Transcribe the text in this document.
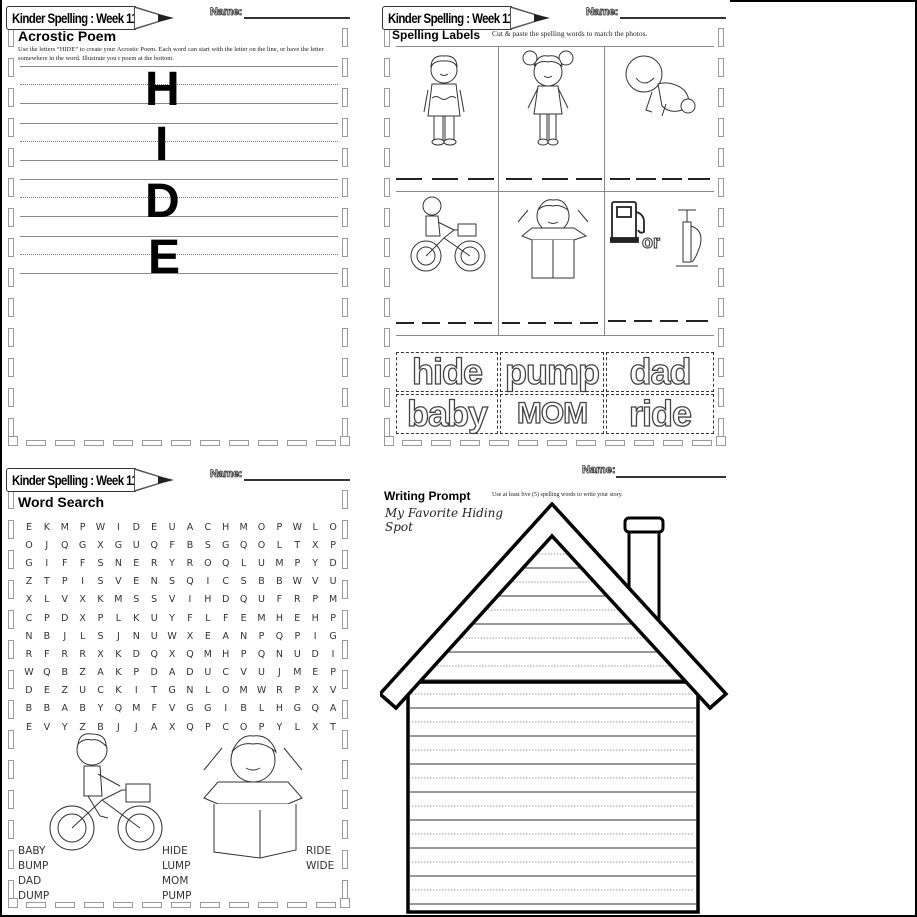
Kinder Spelling : Week 11	Name:
Acrostic Poem
Use the letters “HIDE” to create your Acrostic Poem. Each word can start with the letter on the line, or have the letter somewhere in the word. Illustrate you r poem at the bottom.
H
I
D
E
Kinder Spelling : Week 11	Name:
Spelling Labels Cut & paste the spelling words to match the photos.
or
hide pump dad
baby MOM ride
Kinder Spelling : Week 11	Name:
Word Search
E	K	M	P	W	I	D	E	U	A	C	H	M	O	P	W	L	O
O	J	Q	G	X	G	U	Q	F	B	S	G	Q	O	L	T	X	P
G	I	F	F	S	N	E	R	Y	R	O	Q	L	U	M	P	Y	D
Z	T	P	I	S	V	E	N	S	Q	I	C	S	B	B	W	V	U
X	L	V	X	K	M	S	S	V	I	H	D	Q	U	F	R	P	M
C	P	D	X	P	L	K	U	Y	F	L	F	E	M	H	E	H	P
N	B	J	L	S	J	N	U	W	X	E	A	N	P	Q	P	I	G
R	F	R	R	X	K	D	Q	X	Q	M	H	P	Q	N	U	D	I
W Q	B	Z	A	K	P	D	A	D	U	C	V	U	J	M	E	P
D	E	Z	U	C	K	I	T	G	N	L	O	M W	R	P	X	V
B	B	A	B	Y	Q	M	F	V	G	G	I	B	L	H	G	Q	A
E	V	Y	Z	B	J	J	A	X	Q	P	C	O	P	Y	L	X	T
BABY
BUMP
DAD
DUMP
HIDE
LUMP
MOM
PUMP
RIDE
WIDE
Name:
Writing Prompt	Use at least five (5) spelling words to write your story.
My Favorite Hiding
Spot
